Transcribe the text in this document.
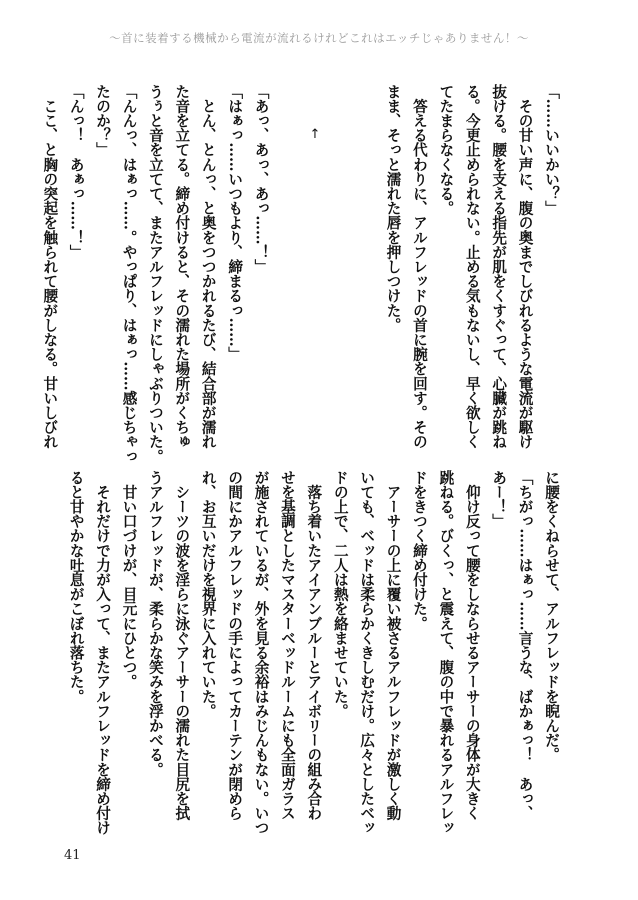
〜首に装着する機械から電流が流れるけれどこれはエッチじゃありません！〜

「……いいかい？」

　その甘い声に、腹の奥までしびれるような電流が駆け

抜ける。腰を支える指先が肌をくすぐって、心臓が跳ね

る。今更止められない。止める気もないし、早く欲しく

てたまらなくなる。

　答える代わりに、アルフレッドの首に腕を回す。その

まま、そっと濡れた唇を押しつけた。

「あっ、あっ、あっ……！」

「はぁっ……いつもより、締まるっ……」

　とん、とんっ、と奥をつつかれるたび、結合部が濡れ

た音を立てる。締め付けると、その濡れた場所がくちゅ

うぅと音を立てて、またアルフレッドにしゃぶりついた。

「んんっ、はぁっ……。やっぱり、はぁっ……感じちゃっ

たのか？」

「んっ！　あぁっ……！」

　ここ、と胸の突起を触られて腰がしなる。甘いしびれ	↑

に腰をくねらせて、アルフレッドを睨んだ。

「ちがっ……はぁっ……言うな、ばかぁっ！　あっ、

あー！」

　仰け反って腰をしならせるアーサーの身体が大きく

跳ねる。びくっ、と震えて、腹の中で暴れるアルフレッ

ドをきつく締め付けた。

　アーサーの上に覆い被さるアルフレッドが激しく動

いても、ベッドは柔らかくきしむだけ。広々としたベッ

ドの上で、二人は熱を絡ませていた。

　落ち着いたアイアンブルーとアイボリーの組み合わ

せを基調としたマスターベッドルームにも全面ガラス

が施されているが、外を見る余裕はみじんもない。いつ

の間にかアルフレッドの手によってカーテンが閉めら

れ、お互いだけを視界に入れていた。

　シーツの波を淫らに泳ぐアーサーの濡れた目尻を拭

うアルフレッドが、柔らかな笑みを浮かべる。

　甘い口づけが、目元にひとつ。

　それだけで力が入って、またアルフレッドを締め付け

ると甘やかな吐息がこぼれ落ちた。

41
